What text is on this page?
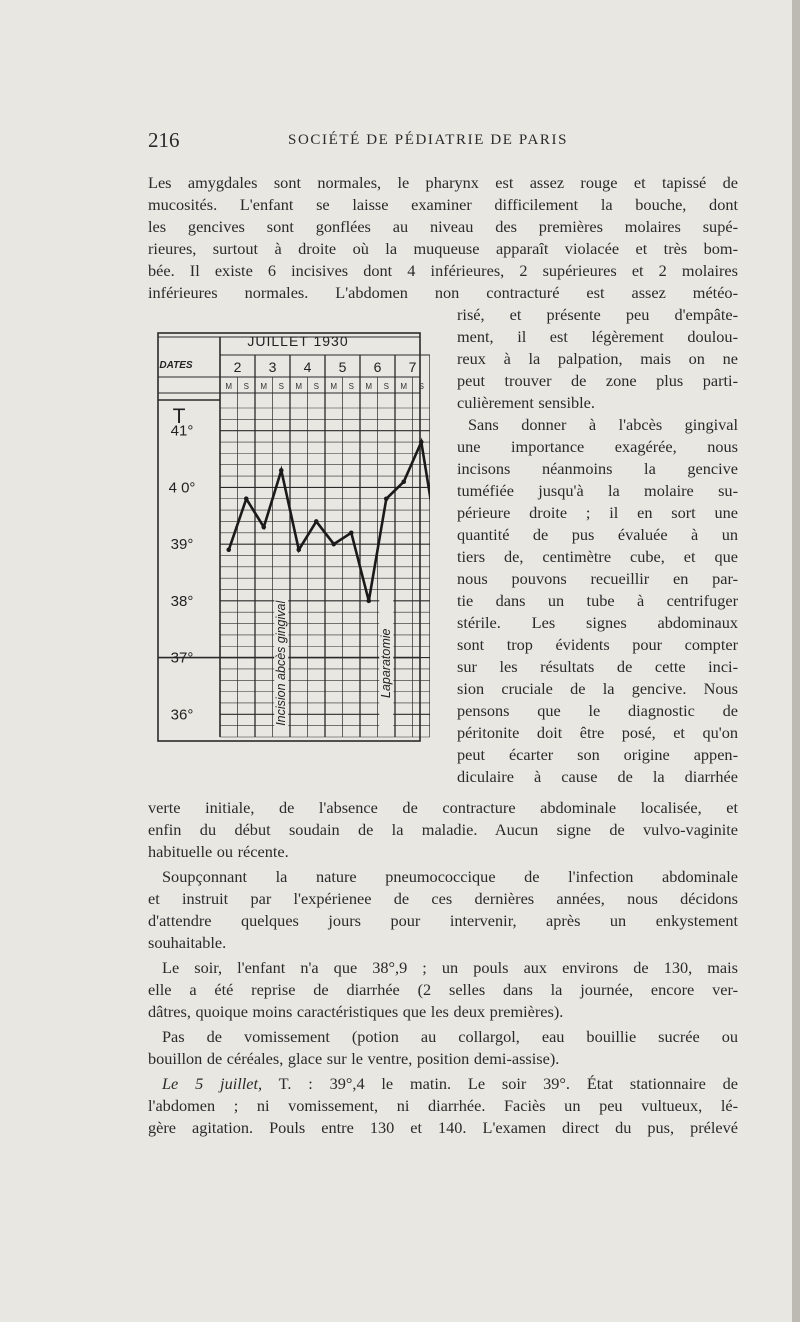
216	SOCIÉTÉ DE PÉDIATRIE DE PARIS
Les amygdales sont normales, le pharynx est assez rouge et tapissé de
mucosités. L'enfant se laisse examiner difficilement la bouche, dont
les gencives sont gonflées au niveau des premières molaires supé-
rieures, surtout à droite où la muqueuse apparaît violacée et très bom-
bée. Il existe 6 incisives dont 4 inférieures, 2 supérieures et 2 molaires
inférieures normales. L'abdomen non contracturé est assez météo-
risé, et présente peu d'empâte-
ment, il est légèrement doulou-
reux à la palpation, mais on ne
peut trouver de zone plus parti-
culièrement sensible.
Sans donner à l'abcès gingival
une importance exagérée, nous
incisons néanmoins la gencive
tuméfiée jusqu'à la molaire su-
périeure droite ; il en sort une
quantité de pus évaluée à un
tiers de, centimètre cube, et que
nous pouvons recueillir en par-
tie dans un tube à centrifuger
stérile. Les signes abdominaux
sont trop évidents pour compter
sur les résultats de cette inci-
sion cruciale de la gencive. Nous
pensons que le diagnostic de
péritonite doit être posé, et qu'on
peut écarter son origine appen-
diculaire à cause de la diarrhée
verte initiale, de l'absence de contracture abdominale localisée, et
enfin du début soudain de la maladie. Aucun signe de vulvo-vaginite
habituelle ou récente.
Soupçonnant la nature pneumococcique de l'infection abdominale
et instruit par l'expérienee de ces dernières années, nous décidons
d'attendre quelques jours pour intervenir, après un enkystement
souhaitable.
Le soir, l'enfant n'a que 38°,9 ; un pouls aux environs de 130, mais
elle a été reprise de diarrhée (2 selles dans la journée, encore ver-
dâtres, quoique moins caractéristiques que les deux premières).
Pas de vomissement (potion au collargol, eau bouillie sucrée ou
bouillon de céréales, glace sur le ventre, position demi-assise).
Le 5 juillet, T. : 39°,4 le matin. Le soir 39°. État stationnaire de
l'abdomen ; ni vomissement, ni diarrhée. Faciès un peu vultueux, lé-
gère agitation. Pouls entre 130 et 140. L'examen direct du pus, prélevé
JUILLET 1930
DATES
T
2 3 4 5 6 7
M S M S M S M S M S M S
41°
4 0°
39°
38°
37°
36°	Incision abcès gingival	Laparatomie
